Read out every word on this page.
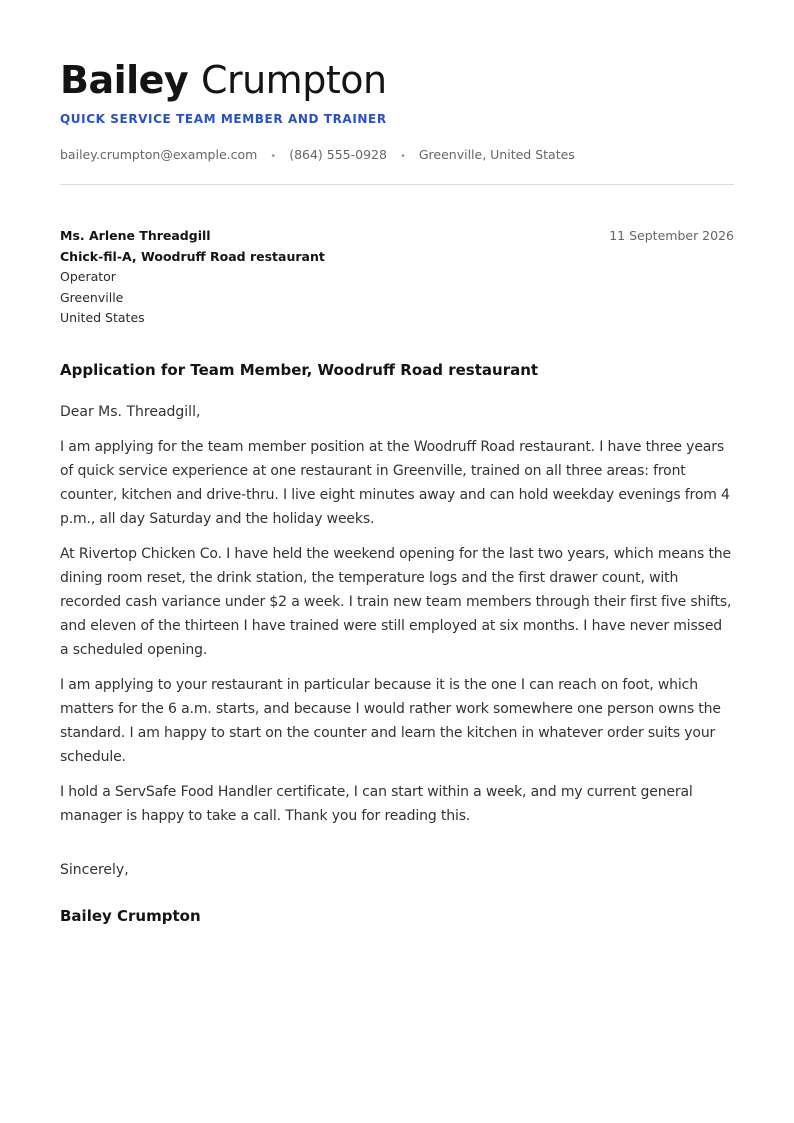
Bailey Crumpton
QUICK SERVICE TEAM MEMBER AND TRAINER
bailey.crumpton@example.com • (864) 555-0928 • Greenville, United States
11 September 2026
Ms. Arlene Threadgill
Chick-fil-A, Woodruff Road restaurant
Operator
Greenville
United States
Application for Team Member, Woodruff Road restaurant
Dear Ms. Threadgill,
I am applying for the team member position at the Woodruff Road restaurant. I have three years of quick service experience at one restaurant in Greenville, trained on all three areas: front counter, kitchen and drive-thru. I live eight minutes away and can hold weekday evenings from 4 p.m., all day Saturday and the holiday weeks.
At Rivertop Chicken Co. I have held the weekend opening for the last two years, which means the dining room reset, the drink station, the temperature logs and the first drawer count, with recorded cash variance under $2 a week. I train new team members through their first five shifts, and eleven of the thirteen I have trained were still employed at six months. I have never missed a scheduled opening.
I am applying to your restaurant in particular because it is the one I can reach on foot, which matters for the 6 a.m. starts, and because I would rather work somewhere one person owns the standard. I am happy to start on the counter and learn the kitchen in whatever order suits your schedule.
I hold a ServSafe Food Handler certificate, I can start within a week, and my current general manager is happy to take a call. Thank you for reading this.
Sincerely,
Bailey Crumpton
